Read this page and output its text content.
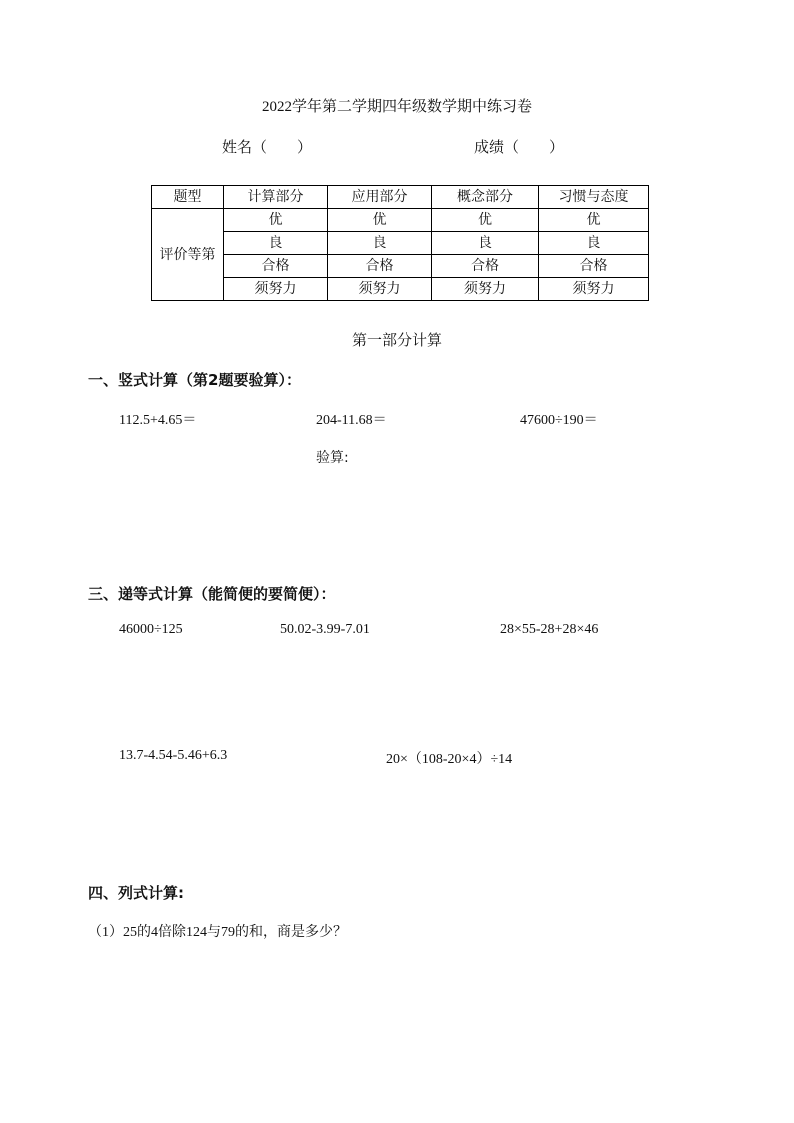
2022学年第二学期四年级数学期中练习卷
姓名（　　）	成绩（　　）
题型	计算部分	应用部分	概念部分	习惯与态度
评价等第	优	优	优	优
	良	良	良	良
	合格	合格	合格	合格
	须努力	须努力	须努力	须努力
第一部分计算
一、竖式计算（第2题要验算）：
112.5+4.65＝	204-11.68＝	47600÷190＝
验算:
三、递等式计算（能简便的要简便）：
46000÷125	50.02-3.99-7.01	28×55-28+28×46
13.7-4.54-5.46+6.3	20×（108-20×4）÷14
四、列式计算:
（1）25的4倍除124与79的和，商是多少？
